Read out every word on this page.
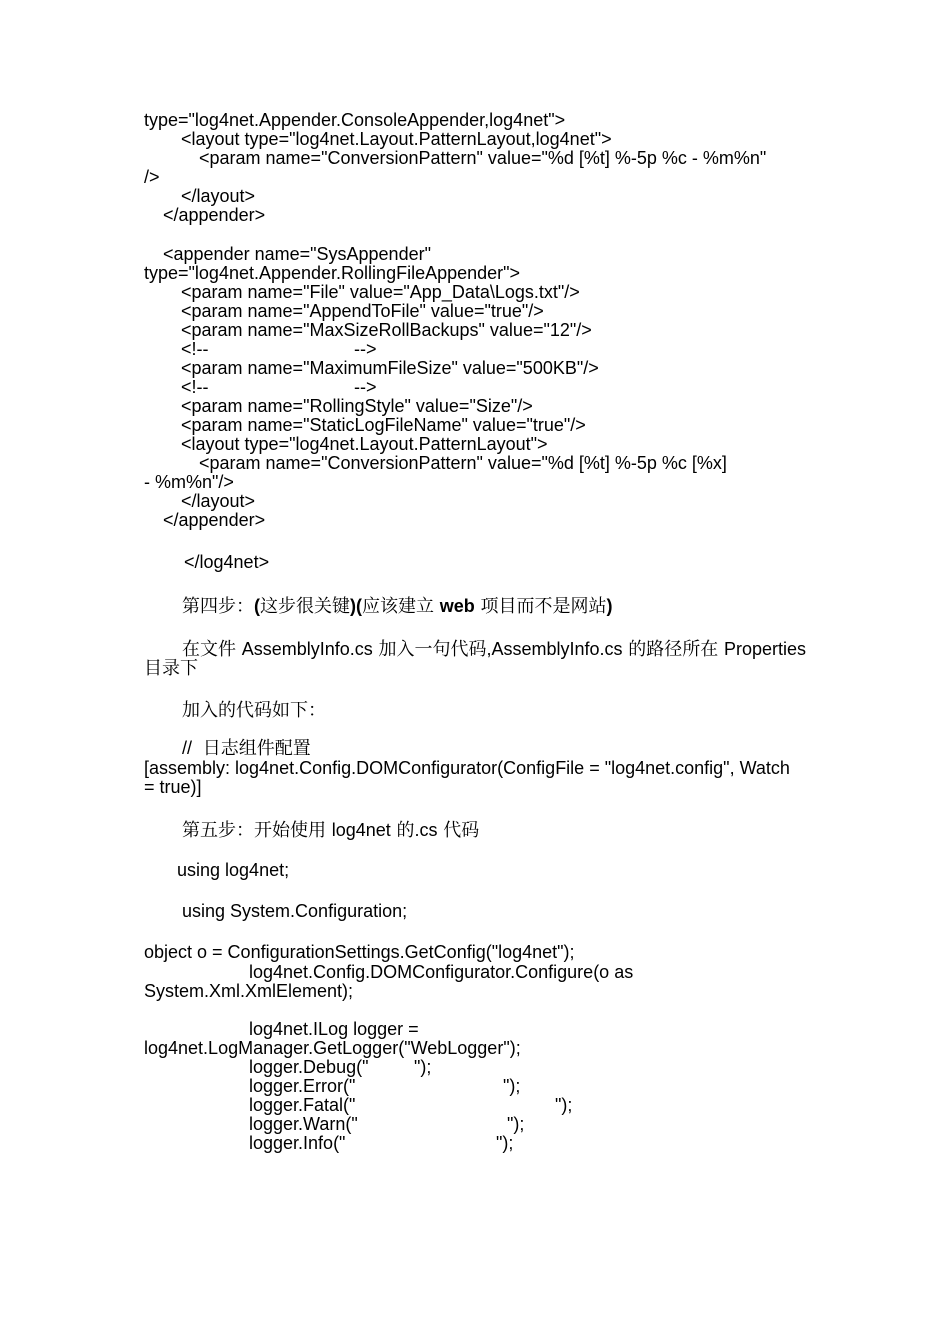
type="log4net.Appender.ConsoleAppender,log4net">
<layout type="log4net.Layout.PatternLayout,log4net">
<param name="ConversionPattern" value="%d [%t] %-5p %c - %m%n"
/>
</layout>
</appender>
<appender name="SysAppender"
type="log4net.Appender.RollingFileAppender">
<param name="File" value="App_Data\Logs.txt"/>
<param name="AppendToFile" value="true"/>
<param name="MaxSizeRollBackups" value="12"/>
<!--	-->
<param name="MaximumFileSize" value="500KB"/>
<!--	-->
<param name="RollingStyle" value="Size"/>
<param name="StaticLogFileName" value="true"/>
<layout type="log4net.Layout.PatternLayout">
<param name="ConversionPattern" value="%d [%t] %-5p %c [%x]
- %m%n"/>
</layout>
</appender>
</log4net>
第四步：(这步很关键)(应该建立 web 项目而不是网站)
在文件 AssemblyInfo.cs 加入一句代码,AssemblyInfo.cs 的路径所在 Properties
目录下
加入的代码如下：
//  日志组件配置
[assembly: log4net.Config.DOMConfigurator(ConfigFile = "log4net.config", Watch
= true)]
第五步：开始使用 log4net 的.cs 代码
using log4net;
using System.Configuration;
object o = ConfigurationSettings.GetConfig("log4net");
log4net.Config.DOMConfigurator.Configure(o as
System.Xml.XmlElement);
log4net.ILog logger =
log4net.LogManager.GetLogger("WebLogger");
logger.Debug("	");
logger.Error("	");
logger.Fatal("	");
logger.Warn("	");
logger.Info("	");
